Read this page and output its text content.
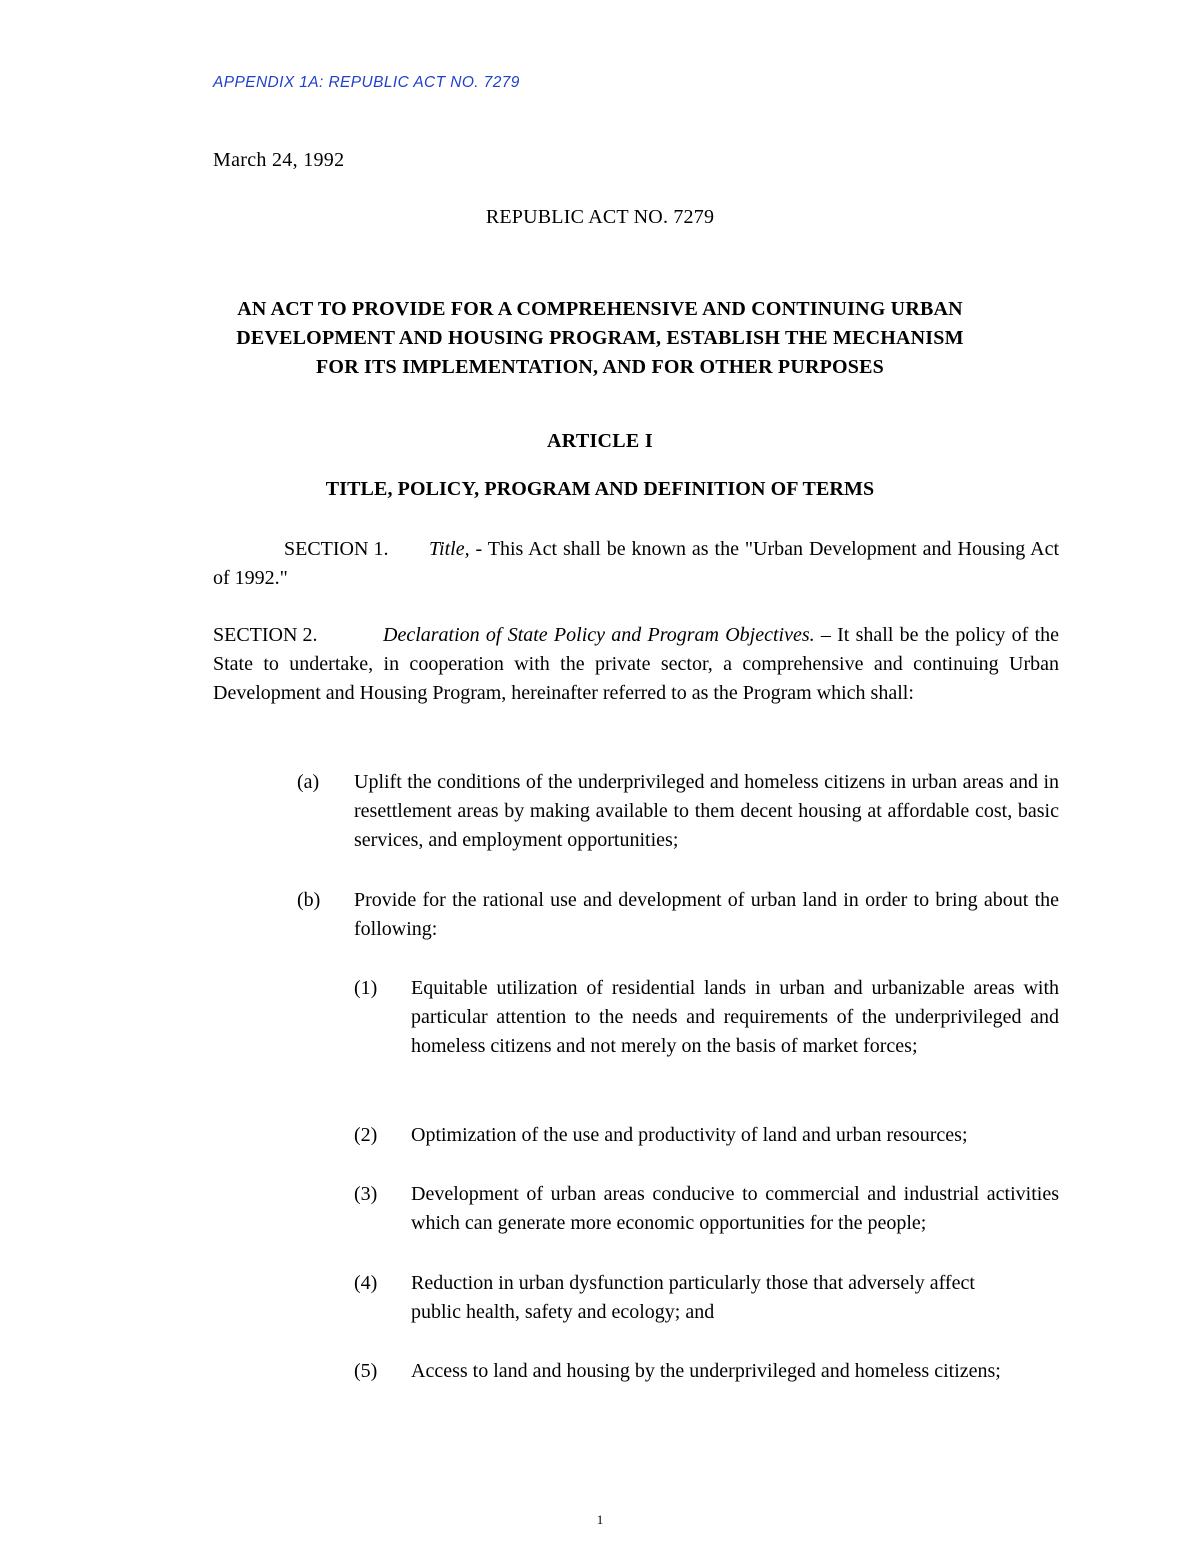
APPENDIX 1A: REPUBLIC ACT NO. 7279
March 24, 1992
REPUBLIC ACT NO. 7279
AN ACT TO PROVIDE FOR A COMPREHENSIVE AND CONTINUING URBAN
DEVELOPMENT AND HOUSING PROGRAM, ESTABLISH THE MECHANISM
FOR ITS IMPLEMENTATION, AND FOR OTHER PURPOSES
ARTICLE I
TITLE, POLICY, PROGRAM AND DEFINITION OF TERMS
SECTION 1. Title, - This Act shall be known as the "Urban Development and Housing Act of 1992."
SECTION 2.	Declaration of State Policy and Program Objectives. – It shall be the policy of the State to undertake, in cooperation with the private sector, a comprehensive and continuing Urban Development and Housing Program, hereinafter referred to as the Program which shall:
(a)	Uplift the conditions of the underprivileged and homeless citizens in urban areas and in resettlement areas by making available to them decent housing at affordable cost, basic services, and employment opportunities;
(b)	Provide for the rational use and development of urban land in order to bring about the following:
(1)	Equitable utilization of residential lands in urban and urbanizable areas with particular attention to the needs and requirements of the underprivileged and homeless citizens and not merely on the basis of market forces;
(2)	Optimization of the use and productivity of land and urban resources;
(3)	Development of urban areas conducive to commercial and industrial activities which can generate more economic opportunities for the people;
(4)	Reduction in urban dysfunction particularly those that adversely affect
public health, safety and ecology; and
(5)	Access to land and housing by the underprivileged and homeless citizens;
1
